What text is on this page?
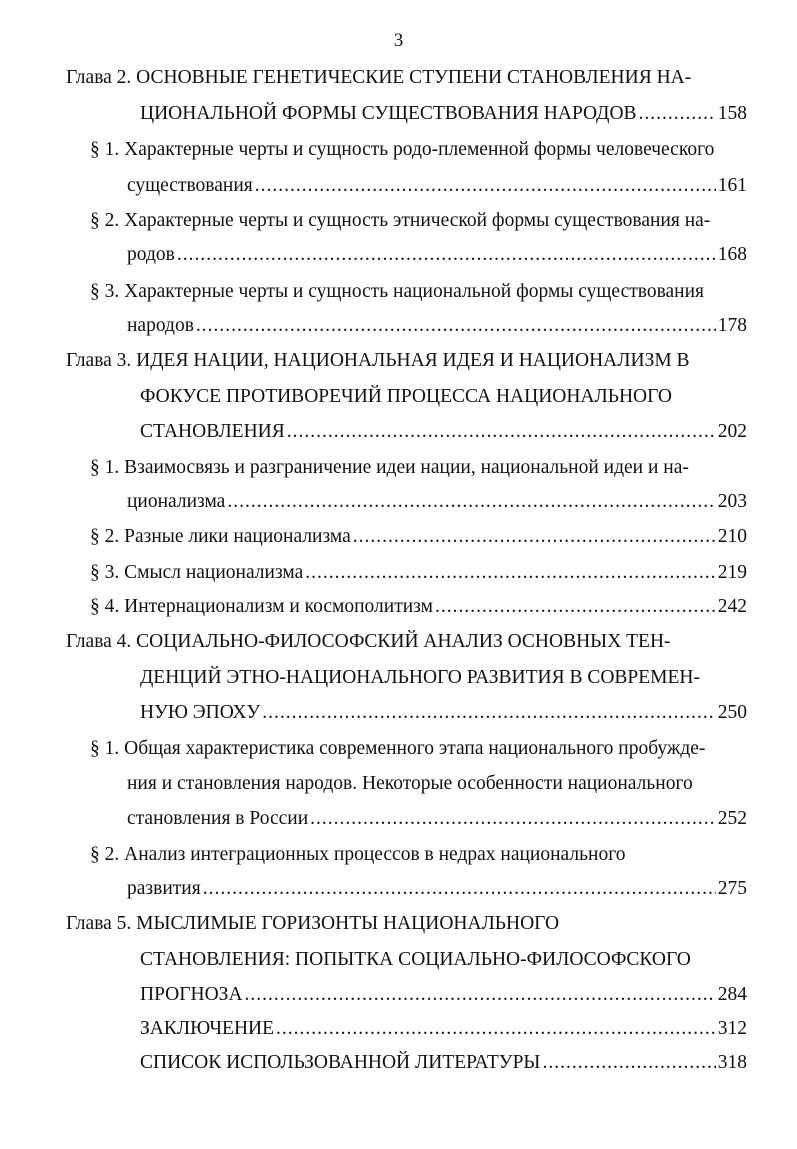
3
Глава 2. ОСНОВНЫЕ ГЕНЕТИЧЕСКИЕ СТУПЕНИ СТАНОВЛЕНИЯ НА-
ЦИОНАЛЬНОЙ ФОРМЫ СУЩЕСТВОВАНИЯ НАРОДОВ .....	158
§ 1. Характерные черты и сущность родо-племенной формы человеческого
существования .....	161
§ 2. Характерные черты и сущность этнической формы существования на-
родов .....	168
§ 3. Характерные черты и сущность национальной формы существования
народов .....	178
Глава 3. ИДЕЯ НАЦИИ, НАЦИОНАЛЬНАЯ ИДЕЯ И НАЦИОНАЛИЗМ В
ФОКУСЕ ПРОТИВОРЕЧИЙ ПРОЦЕССА НАЦИОНАЛЬНОГО
СТАНОВЛЕНИЯ .....	202
§ 1. Взаимосвязь и разграничение идеи нации, национальной идеи и на-
ционализма .....	203
§ 2. Разные лики национализма .....	210
§ 3. Смысл национализма .....	219
§ 4. Интернационализм и космополитизм .....	242
Глава 4. СОЦИАЛЬНО-ФИЛОСОФСКИЙ АНАЛИЗ ОСНОВНЫХ ТЕН-
ДЕНЦИЙ ЭТНО-НАЦИОНАЛЬНОГО РАЗВИТИЯ В СОВРЕМЕН-
НУЮ ЭПОХУ .....	250
§ 1. Общая характеристика современного этапа национального пробужде-
ния и становления народов. Некоторые особенности национального
становления в России .....	252
§ 2. Анализ интеграционных процессов в недрах национального
развития .....	275
Глава 5. МЫСЛИМЫЕ ГОРИЗОНТЫ НАЦИОНАЛЬНОГО
СТАНОВЛЕНИЯ: ПОПЫТКА СОЦИАЛЬНО-ФИЛОСОФСКОГО
ПРОГНОЗА .....	284
ЗАКЛЮЧЕНИЕ .....	312
СПИСОК ИСПОЛЬЗОВАННОЙ ЛИТЕРАТУРЫ .....	318
